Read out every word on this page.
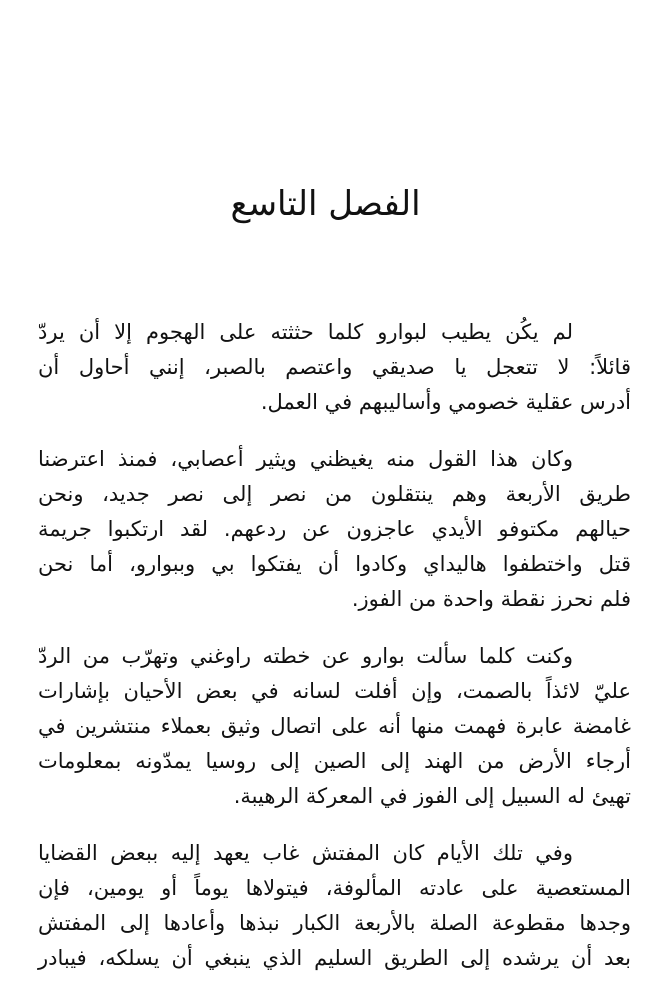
الفصل التاسع
لم يكُن يطيب لبوارو كلما حثثته على الهجوم إلا أن يردّ
قائلاً: لا تتعجل يا صديقي واعتصم بالصبر، إنني أحاول أن
أدرس عقلية خصومي وأساليبهم في العمل.
وكان هذا القول منه يغيظني ويثير أعصابي، فمنذ اعترضنا
طريق الأربعة وهم ينتقلون من نصر إلى نصر جديد، ونحن
حيالهم مكتوفو الأيدي عاجزون عن ردعهم. لقد ارتكبوا جريمة
قتل واختطفوا هاليداي وكادوا أن يفتكوا بي وببوارو، أما نحن
فلم نحرز نقطة واحدة من الفوز.
وكنت كلما سألت بوارو عن خطته راوغني وتهرّب من الردّ
عليّ لائذاً بالصمت، وإن أفلت لسانه في بعض الأحيان بإشارات
غامضة عابرة فهمت منها أنه على اتصال وثيق بعملاء منتشرين في
أرجاء الأرض من الهند إلى الصين إلى روسيا يمدّونه بمعلومات
تهيئ له السبيل إلى الفوز في المعركة الرهيبة.
وفي تلك الأيام كان المفتش غاب يعهد إليه ببعض القضايا
المستعصية على عادته المألوفة، فيتولاها يوماً أو يومين، فإن
وجدها مقطوعة الصلة بالأربعة الكبار نبذها وأعادها إلى المفتش
بعد أن يرشده إلى الطريق السليم الذي ينبغي أن يسلكه، فيبادر
